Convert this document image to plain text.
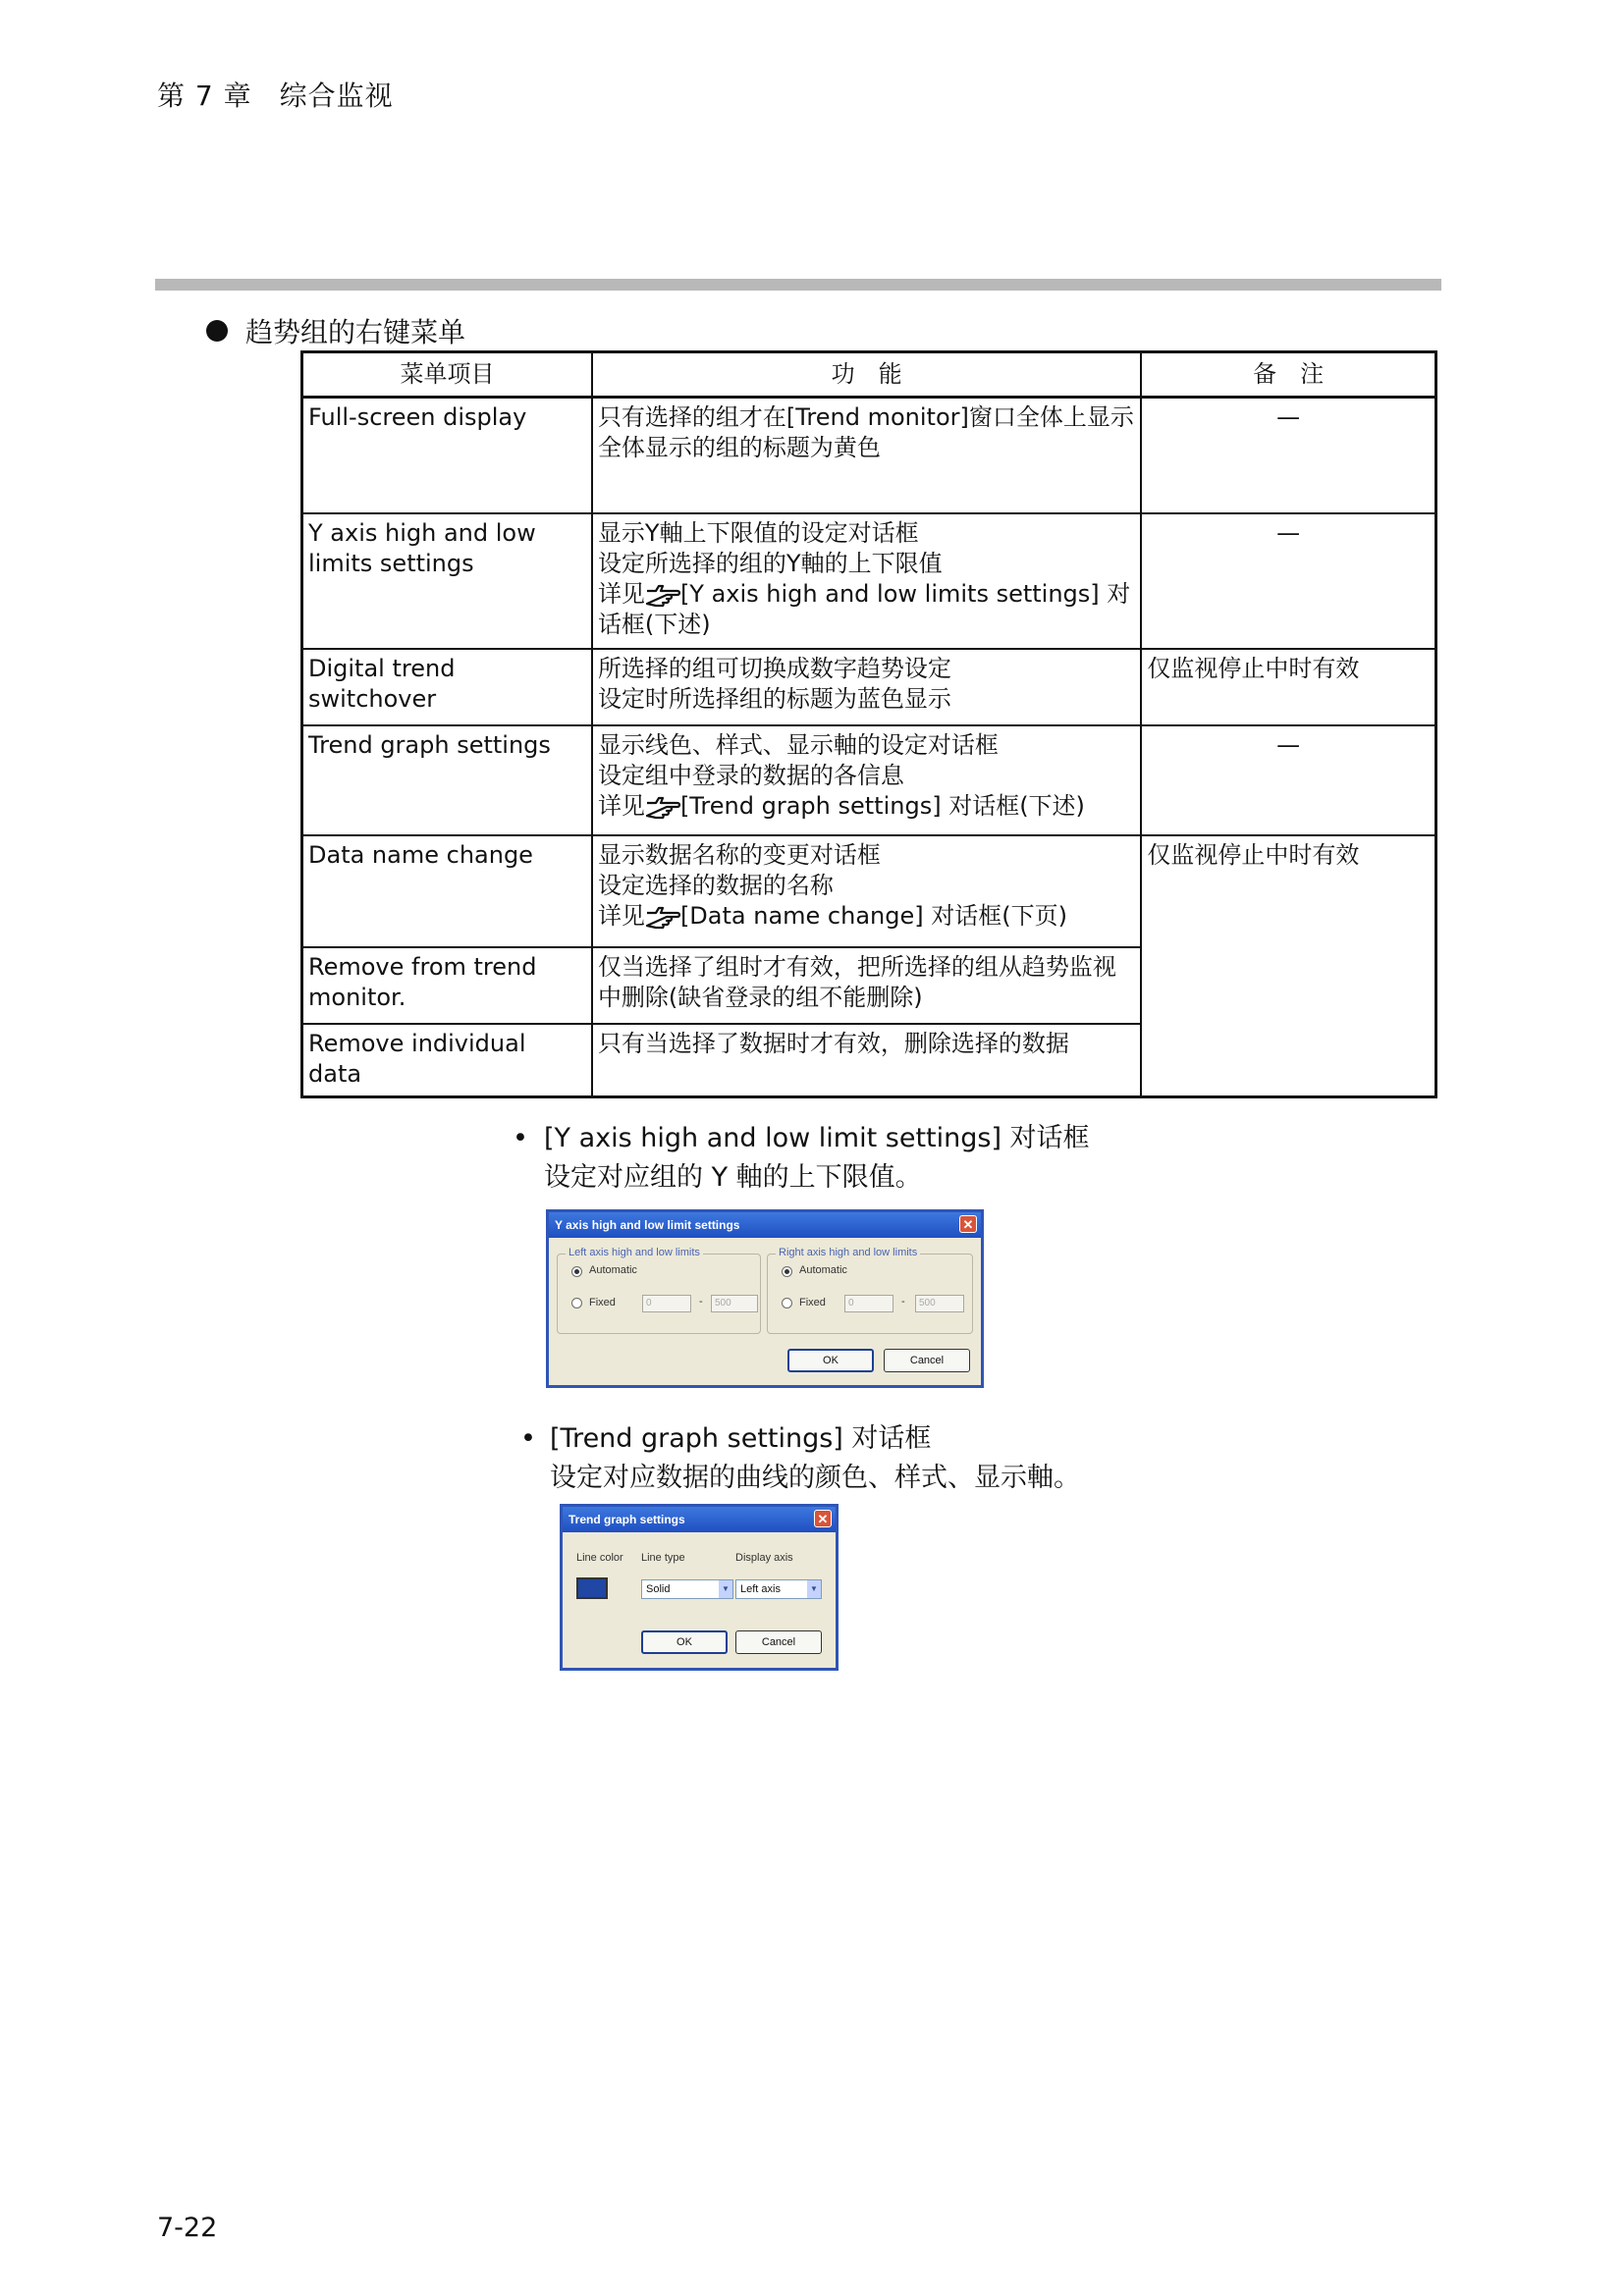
第 7 章 综合监视
趋势组的右键菜单
菜单项目	功　能	备　注
Full-screen display	只有选择的组才在[Trend monitor]窗口全体上显示
全体显示的组的标题为黄色	—
Y axis high and low limits settings	显示Y軸上下限值的设定对话框
设定所选择的组的Y軸的上下限值
详见 [Y axis high and low limits settings] 对话框(下述)	—
Digital trend switchover	所选择的组可切换成数字趋势设定
设定时所选择组的标题为蓝色显示	仅监视停止中时有效
Trend graph settings	显示线色、样式、显示軸的设定对话框
设定组中登录的数据的各信息
详见 [Trend graph settings] 对话框(下述)	—
Data name change	显示数据名称的变更对话框
设定选择的数据的名称
详见 [Data name change] 对话框(下页)	仅监视停止中时有效
Remove from trend monitor.	仅当选择了组时才有效，把所选择的组从趋势监视中删除(缺省登录的组不能删除)	
Remove individual data	只有当选择了数据时才有效，删除选择的数据	
• [Y axis high and low limit settings] 对话框
设定对应组的 Y 軸的上下限值。
Y axis high and low limit settings	✕
Left axis high and low limits
Automatic
Fixed	0	-	500
Right axis high and low limits
Automatic
Fixed	0	-	500
OK	Cancel
• [Trend graph settings] 对话框
设定对应数据的曲线的颜色、样式、显示軸。
Trend graph settings	✕
Line color Line type	Display axis
Solid	▼	Left axis	▼
OK	Cancel
7-22
